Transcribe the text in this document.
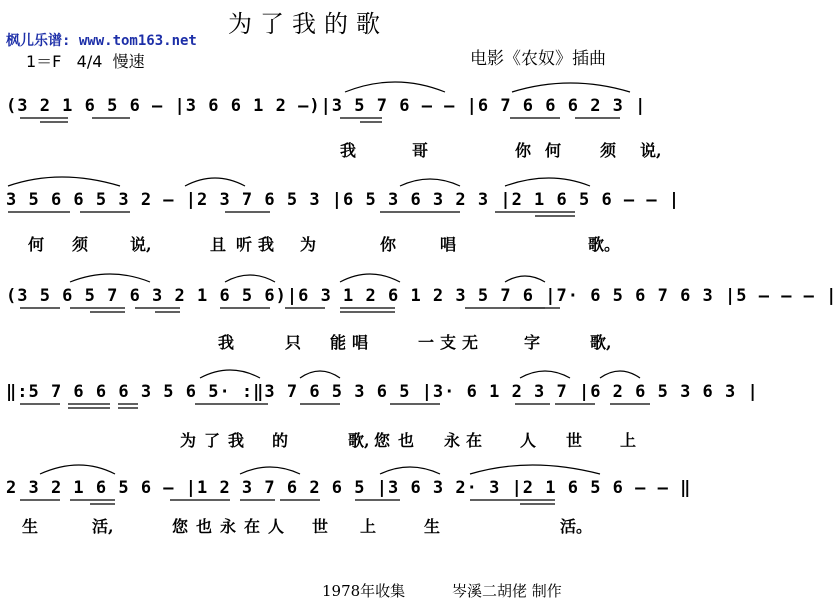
为了我的歌
枫儿乐谱: www.tom163.net
1＝F   4/4  慢速	电影《农奴》插曲
(3 2 1 6 5 6 — |3 6 6 1 2 —)|3 5 7 6 — — |6 7 6 6 6 2 3 |
3 5 6 6 5 3 2 — |2 3 7 6 5 3 |6 5 3 6 3 2 3 |2 1 6 5 6 — — |
(3 5 6 5 7 6 3 2 1 6 5 6)|6 3 1 2 6 1 2 3 5 7 6 |7· 6 5 6 7 6 3 |5 — — — |
‖:5 7 6 6 6 3 5 6 5· :‖3 7 6 5 3 6 5 |3· 6 1 2 3 7 |6 2 6 5 3 6 3 |
2 3 2 1 6 5 6 — |1 2 3 7 6 2 6 5 |3 6 3 2· 3 |2 1 6 5 6 — — ‖
我	哥	你 何 须 说,
何 须	说,	且 听 我 为	你	唱	歌。
我	只 能 唱	一 支 无	字	歌,
为 了 我 的	歌, 您 也 永 在 人 世 上
生	活,	您 也 永 在 人 世 上	生	活。
1978年收集	岑溪二胡佬 制作
